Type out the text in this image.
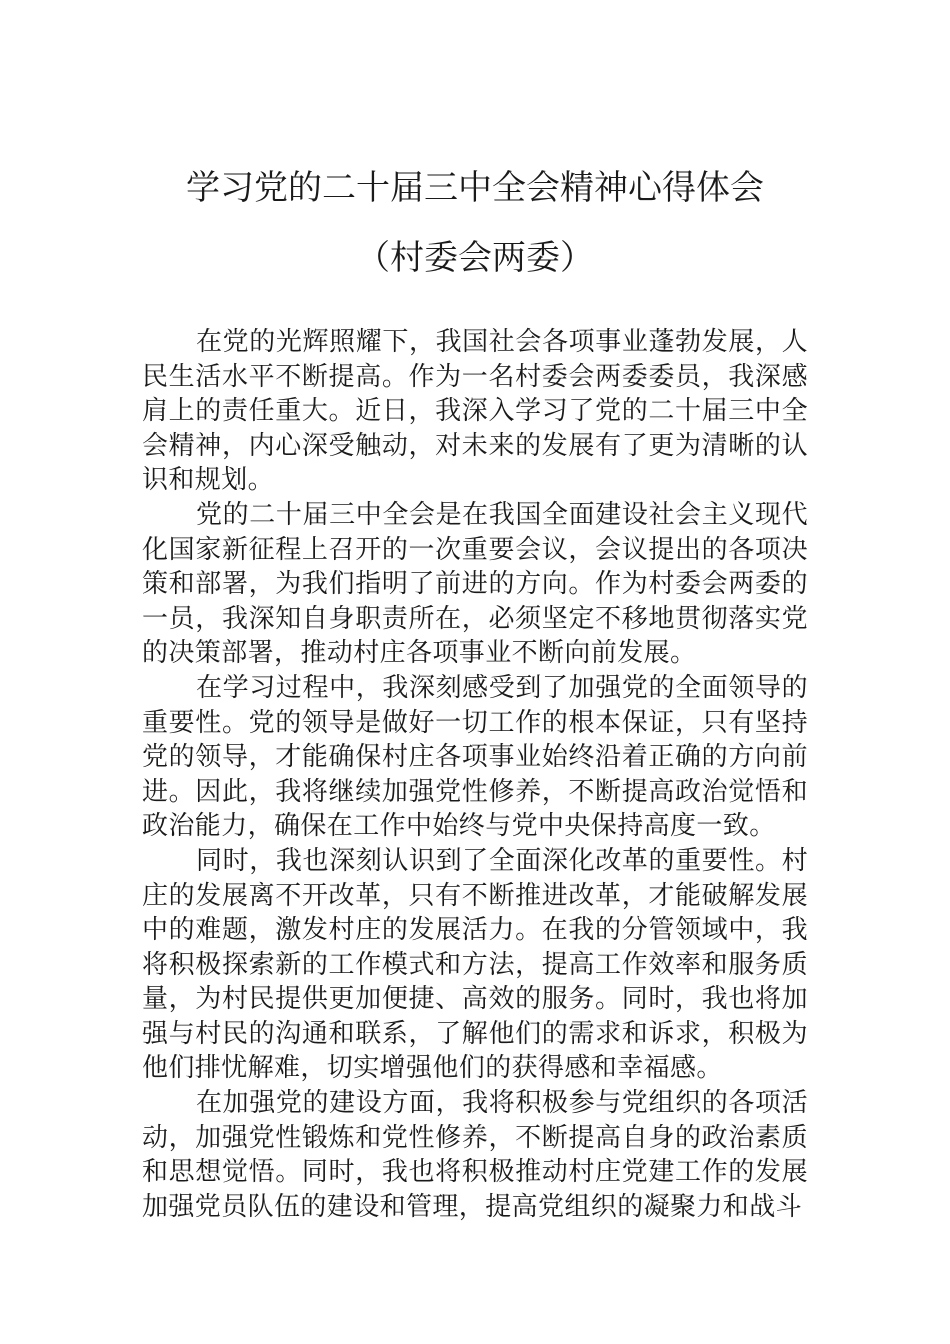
学习党的二十届三中全会精神心得体会
（村委会两委）

在党的光辉照耀下，我国社会各项事业蓬勃发展，人民生活水平不断提高。作为一名村委会两委委员，我深感肩上的责任重大。近日，我深入学习了党的二十届三中全会精神，内心深受触动，对未来的发展有了更为清晰的认识和规划。

党的二十届三中全会是在我国全面建设社会主义现代化国家新征程上召开的一次重要会议，会议提出的各项决策和部署，为我们指明了前进的方向。作为村委会两委的一员，我深知自身职责所在，必须坚定不移地贯彻落实党的决策部署，推动村庄各项事业不断向前发展。

在学习过程中，我深刻感受到了加强党的全面领导的重要性。党的领导是做好一切工作的根本保证，只有坚持党的领导，才能确保村庄各项事业始终沿着正确的方向前进。因此，我将继续加强党性修养，不断提高政治觉悟和政治能力，确保在工作中始终与党中央保持高度一致。

同时，我也深刻认识到了全面深化改革的重要性。村庄的发展离不开改革，只有不断推进改革，才能破解发展中的难题，激发村庄的发展活力。在我的分管领域中，我将积极探索新的工作模式和方法，提高工作效率和服务质量，为村民提供更加便捷、高效的服务。同时，我也将加强与村民的沟通和联系，了解他们的需求和诉求，积极为他们排忧解难，切实增强他们的获得感和幸福感。

在加强党的建设方面，我将积极参与党组织的各项活动，加强党性锻炼和党性修养，不断提高自身的政治素质和思想觉悟。同时，我也将积极推动村庄党建工作的发展加强党员队伍的建设和管理，提高党组织的凝聚力和战斗
